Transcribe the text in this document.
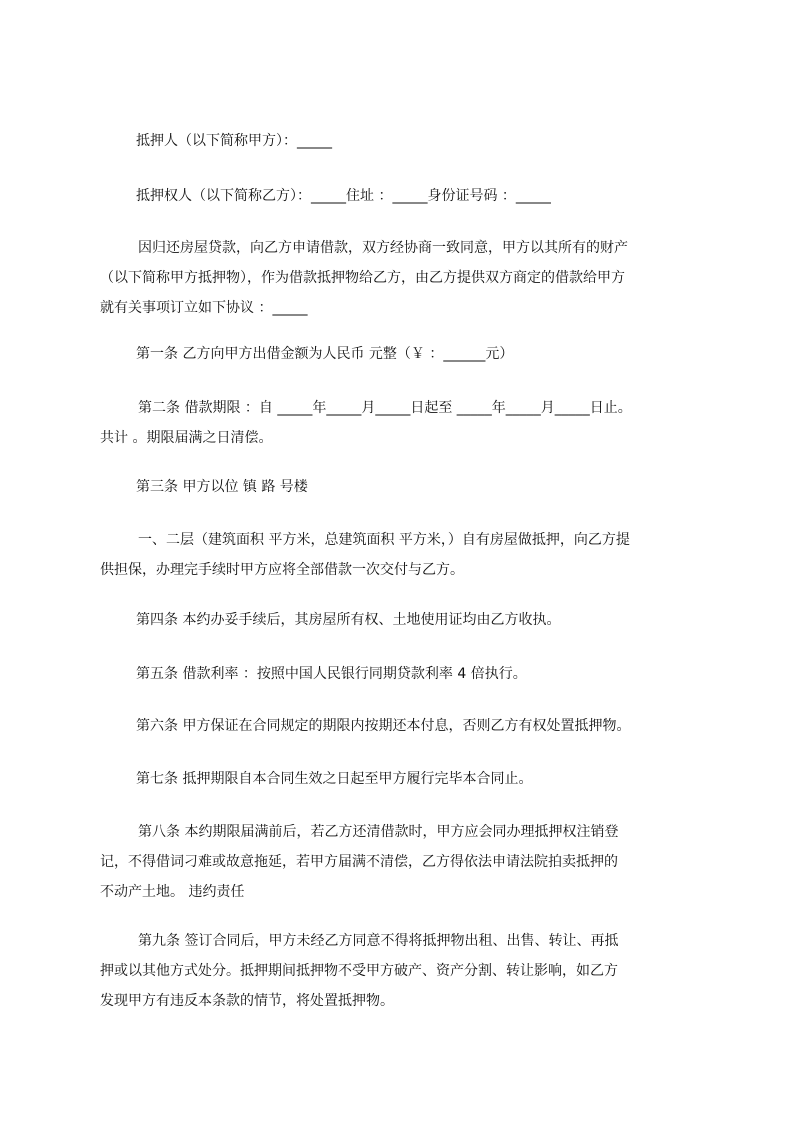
抵押人（以下简称甲方）：_____
抵押权人（以下简称乙方）：_____住址 ：_____身份证号码 ：_____
因归还房屋贷款，向乙方申请借款，双方经协商一致同意，甲方以其所有的财产
（以下简称甲方抵押物），作为借款抵押物给乙方，由乙方提供双方商定的借款给甲方
就有关事项订立如下协议 ：_____
第一条 乙方向甲方出借金额为人民币 元整（￥ ：______元）
第二条 借款期限 ：自 _____年_____月_____日起至 _____年_____月_____日止。
共计 。期限届满之日清偿。
第三条 甲方以位 镇 路 号楼
一、二层（建筑面积 平方米，总建筑面积 平方米，）自有房屋做抵押，向乙方提
供担保，办理完手续时甲方应将全部借款一次交付与乙方。
第四条 本约办妥手续后，其房屋所有权、土地使用证均由乙方收执。
第五条 借款利率 ：按照中国人民银行同期贷款利率 4 倍执行。
第六条 甲方保证在合同规定的期限内按期还本付息，否则乙方有权处置抵押物。
第七条 抵押期限自本合同生效之日起至甲方履行完毕本合同止。
第八条 本约期限届满前后，若乙方还清借款时，甲方应会同办理抵押权注销登
记，不得借词刁难或故意拖延，若甲方届满不清偿，乙方得依法申请法院拍卖抵押的
不动产土地。 违约责任
第九条 签订合同后，甲方未经乙方同意不得将抵押物出租、出售、转让、再抵
押或以其他方式处分。抵押期间抵押物不受甲方破产、资产分割、转让影响，如乙方
发现甲方有违反本条款的情节，将处置抵押物。
